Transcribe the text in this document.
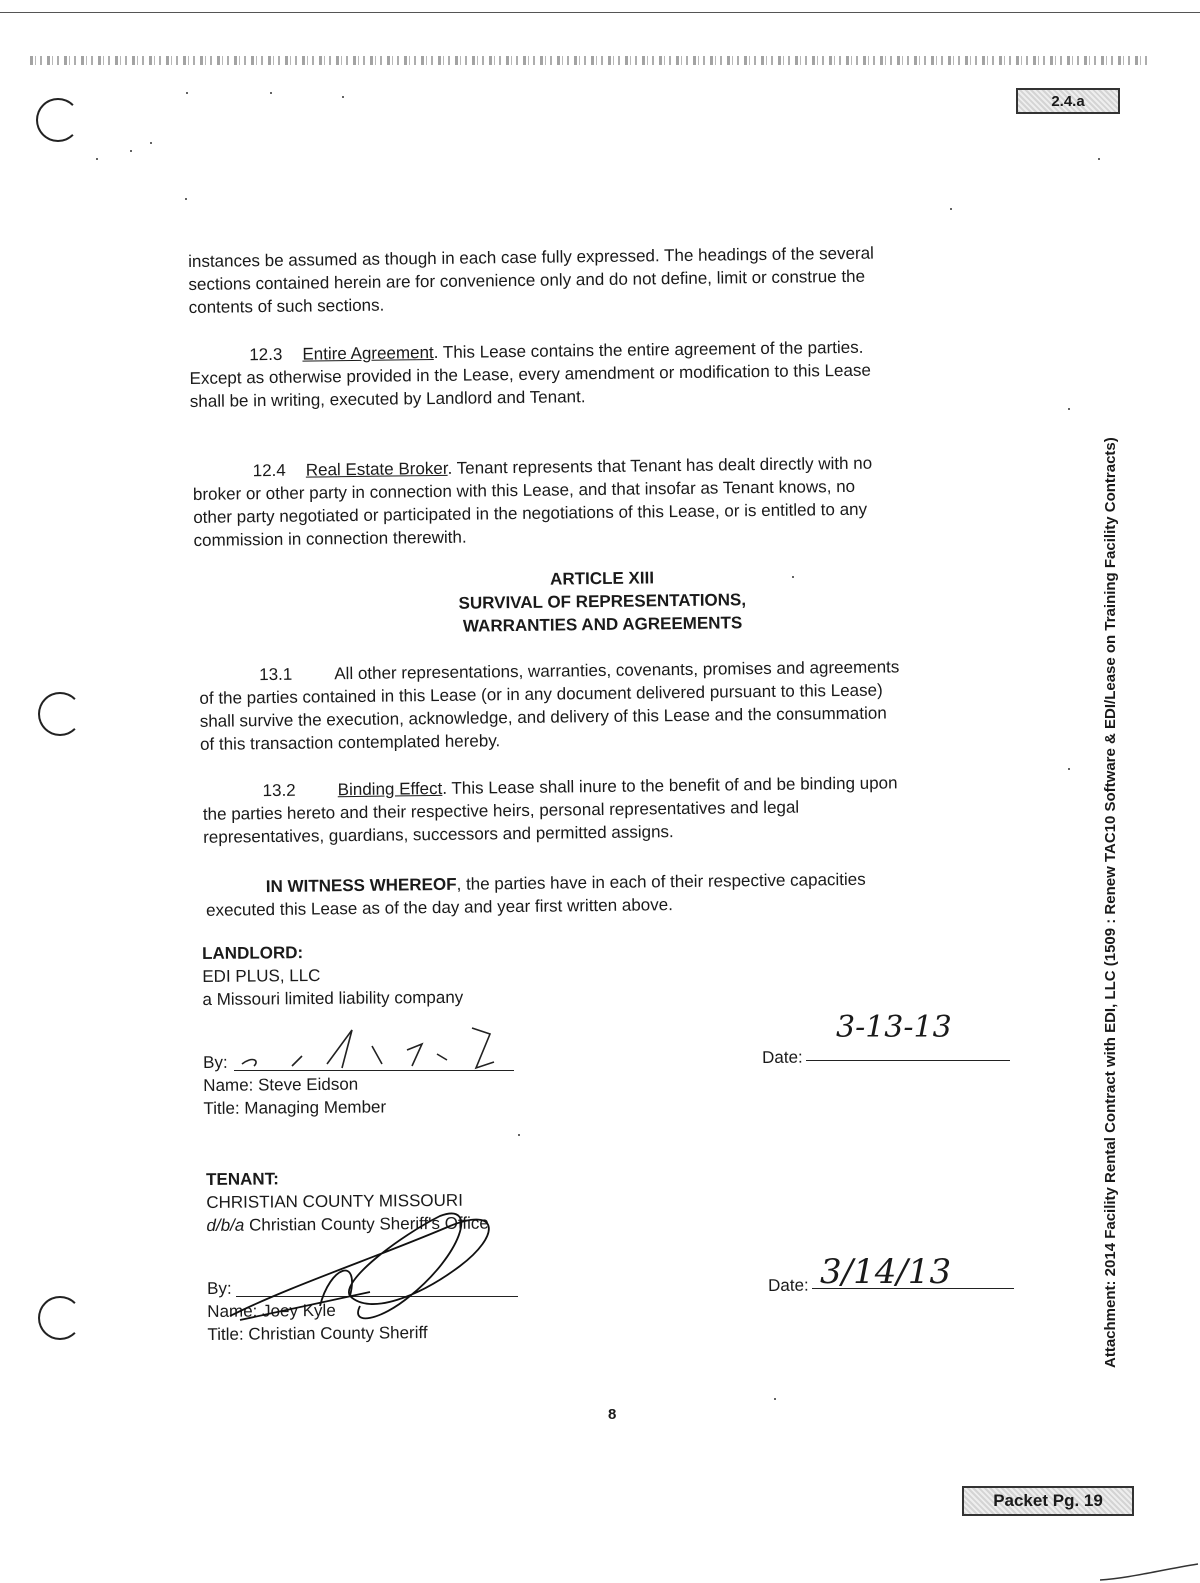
2.4.a
Attachment: 2014 Facility Rental Contract with EDI, LLC (1509 : Renew TAC10 Software & EDI/Lease on Training Facility Contracts)
instances be assumed as though in each case fully expressed. The headings of the several
sections contained herein are for convenience only and do not define, limit or construe the
contents of such sections.
12.3 Entire Agreement. This Lease contains the entire agreement of the parties.
Except as otherwise provided in the Lease, every amendment or modification to this Lease
shall be in writing, executed by Landlord and Tenant.
12.4 Real Estate Broker. Tenant represents that Tenant has dealt directly with no
broker or other party in connection with this Lease, and that insofar as Tenant knows, no
other party negotiated or participated in the negotiations of this Lease, or is entitled to any
commission in connection therewith.
ARTICLE XIII
SURVIVAL OF REPRESENTATIONS,
WARRANTIES AND AGREEMENTS
13.1 All other representations, warranties, covenants, promises and agreements
of the parties contained in this Lease (or in any document delivered pursuant to this Lease)
shall survive the execution, acknowledge, and delivery of this Lease and the consummation
of this transaction contemplated hereby.
13.2 Binding Effect. This Lease shall inure to the benefit of and be binding upon
the parties hereto and their respective heirs, personal representatives and legal
representatives, guardians, successors and permitted assigns.
IN WITNESS WHEREOF, the parties have in each of their respective capacities
executed this Lease as of the day and year first written above.
LANDLORD:
EDI PLUS, LLC
a Missouri limited liability company
By:
Name: Steve Eidson
Title: Managing Member
Date:
3-13-13
TENANT:
CHRISTIAN COUNTY MISSOURI
d/b/a Christian County Sheriff's Office
By:
Name: Joey Kyle
Title: Christian County Sheriff
Date: 3/14/13
8
Packet Pg. 19
